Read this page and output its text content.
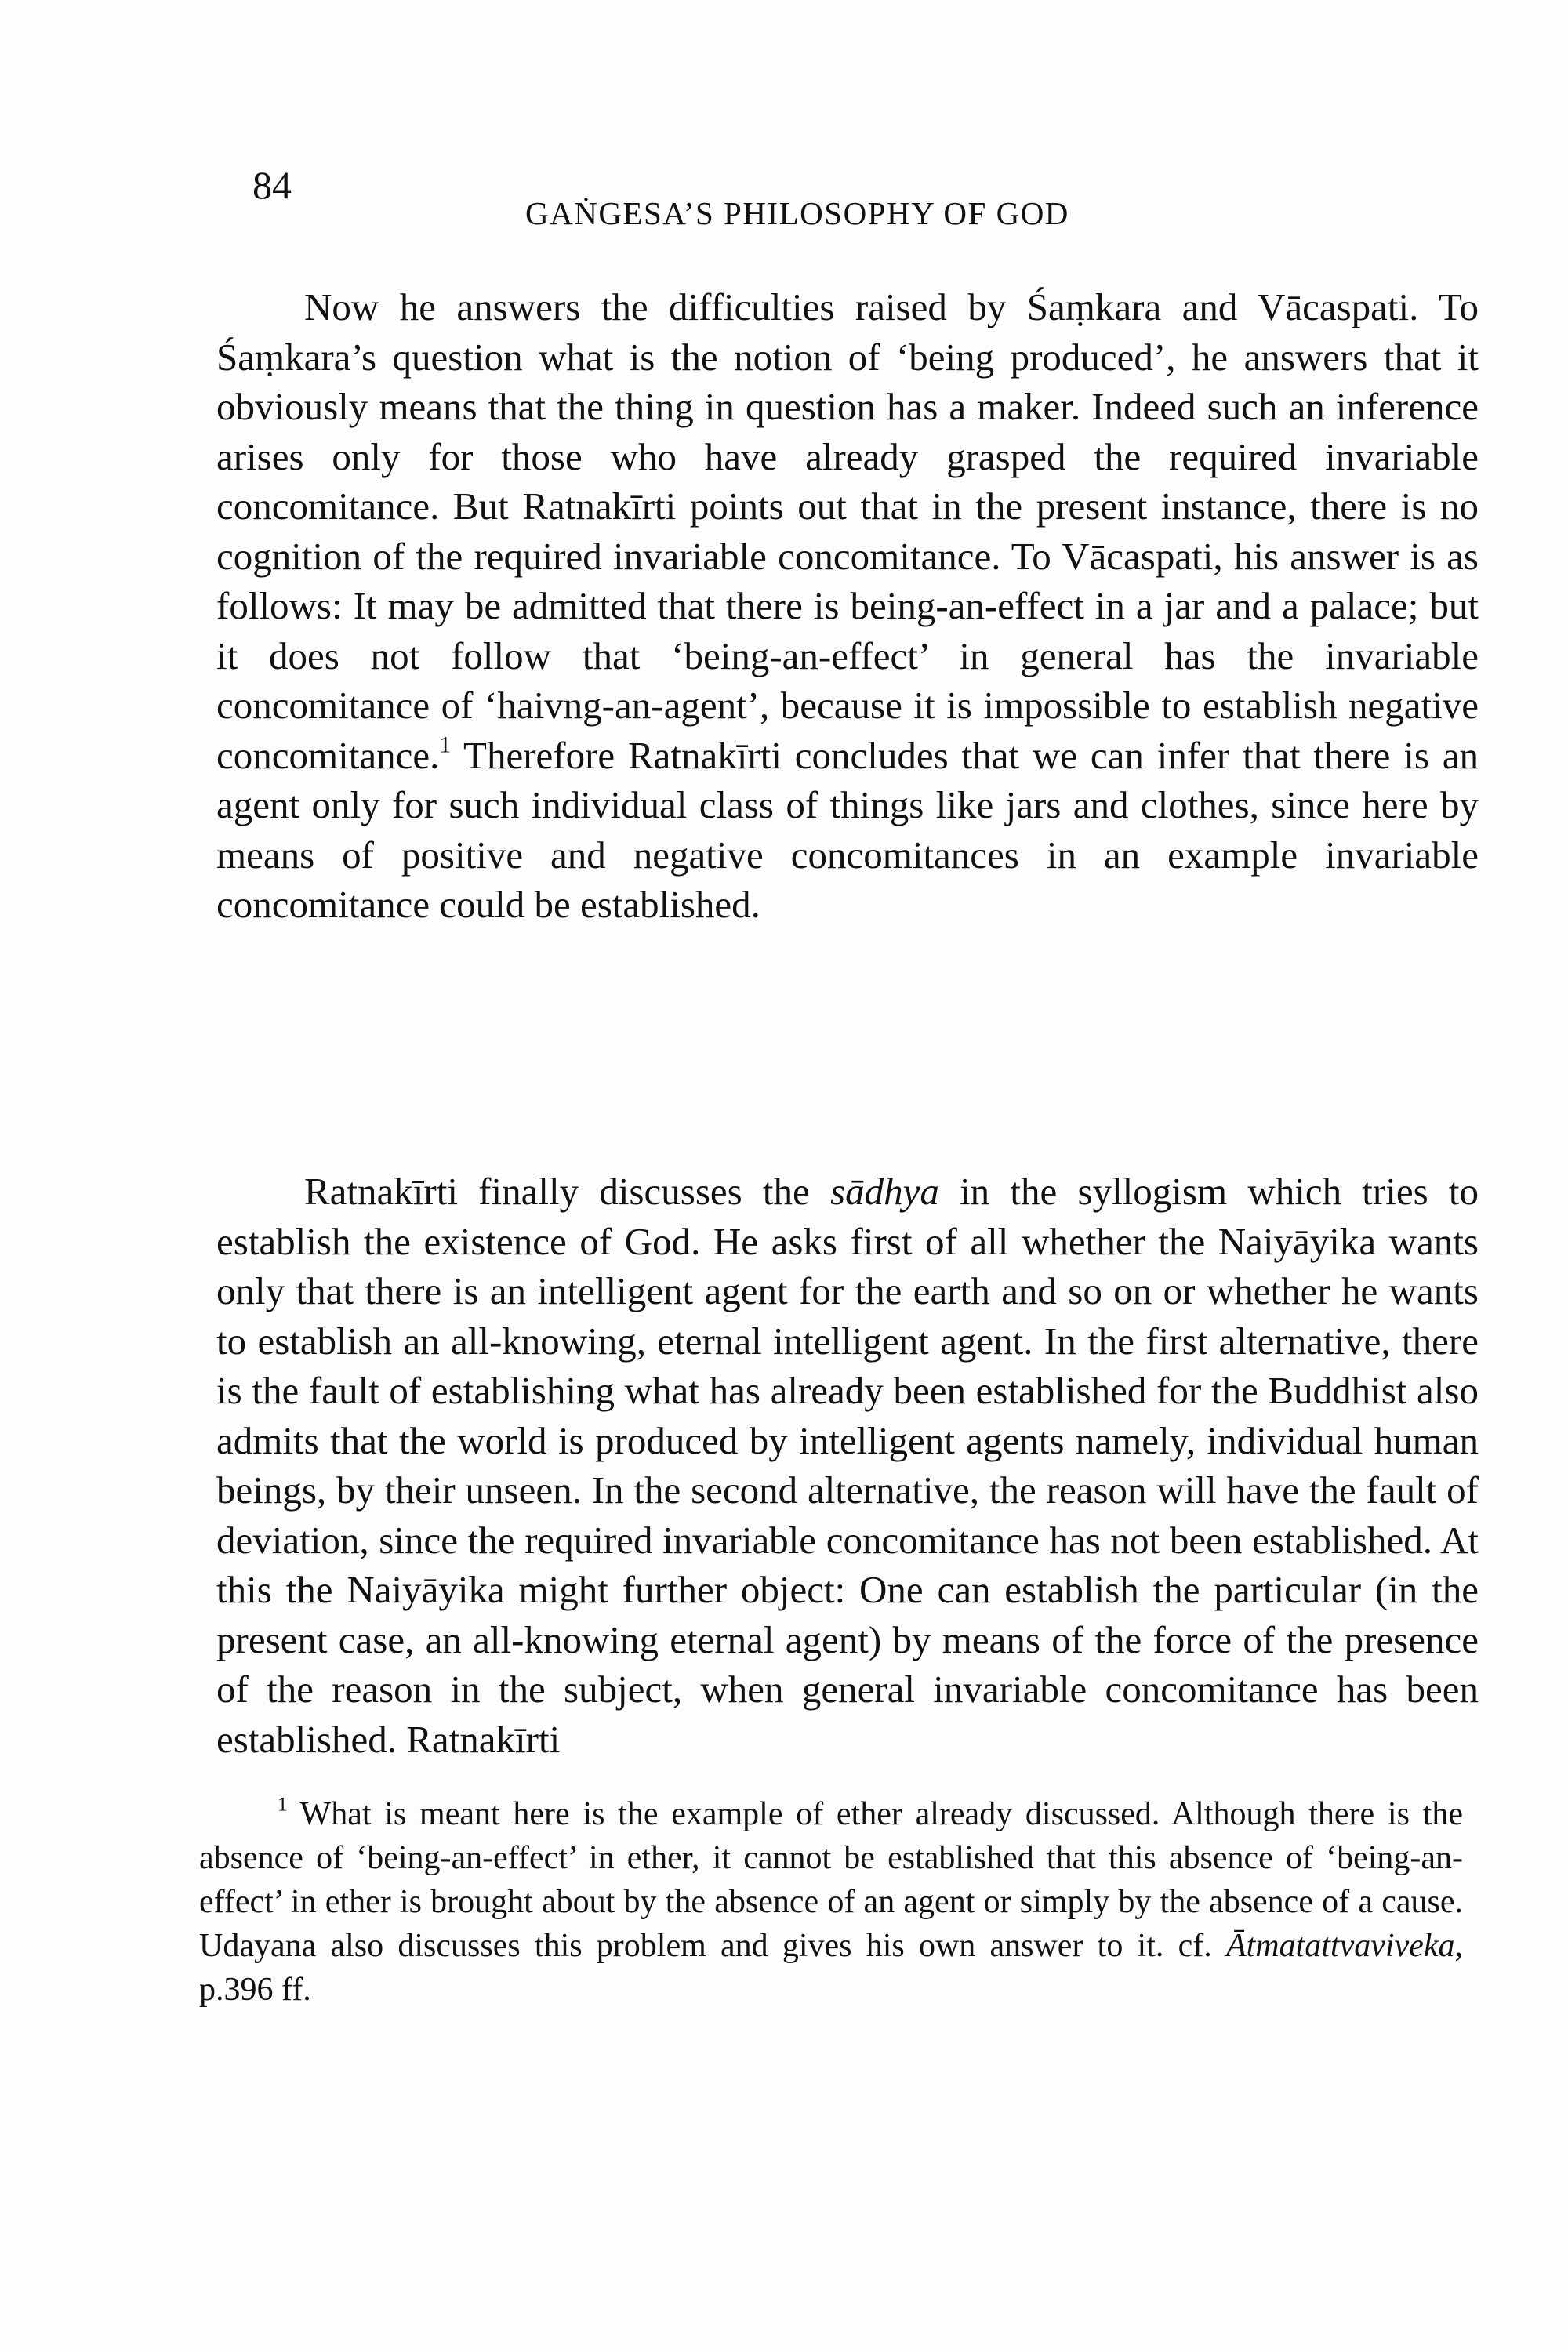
84
GAṄGESA’S PHILOSOPHY OF GOD

Now he answers the difficulties raised by Śaṃkara and Vācaspati. To Śaṃkara’s question what is the notion of ‘being produced’, he answers that it obviously means that the thing in question has a maker. Indeed such an inference arises only for those who have already grasped the required invariable concomitance. But Ratnakīrti points out that in the present instance, there is no cognition of the required invariable concomitance. To Vācaspati, his answer is as follows: It may be admitted that there is being-an-effect in a jar and a palace; but it does not follow that ‘being-an-effect’ in general has the invariable concomitance of ‘haivng-an-agent’, because it is impossible to establish negative concomitance.$^1$ Therefore Ratnakīrti concludes that we can infer that there is an agent only for such individual class of things like jars and clothes, since here by means of positive and negative concomitances in an example invariable concomitance could be established.

Ratnakīrti finally discusses the sādhya in the syllogism which tries to establish the existence of God. He asks first of all whether the Naiyāyika wants only that there is an intelligent agent for the earth and so on or whether he wants to establish an all-knowing, eternal intelligent agent. In the first alternative, there is the fault of establishing what has already been established for the Buddhist also admits that the world is produced by intelligent agents namely, individual human beings, by their unseen. In the second alternative, the reason will have the fault of deviation, since the required invariable concomitance has not been established. At this the Naiyāyika might further object: One can establish the particular (in the present case, an all-knowing eternal agent) by means of the force of the presence of the reason in the subject, when general invariable concomitance has been established. Ratnakīrti

$^1$ What is meant here is the example of ether already discussed. Although there is the absence of ‘being-an-effect’ in ether, it cannot be established that this absence of ‘being-an-effect’ in ether is brought about by the absence of an agent or simply by the absence of a cause. Udayana also discusses this problem and gives his own answer to it. cf. Ātmatattvaviveka, p.396 ff.
